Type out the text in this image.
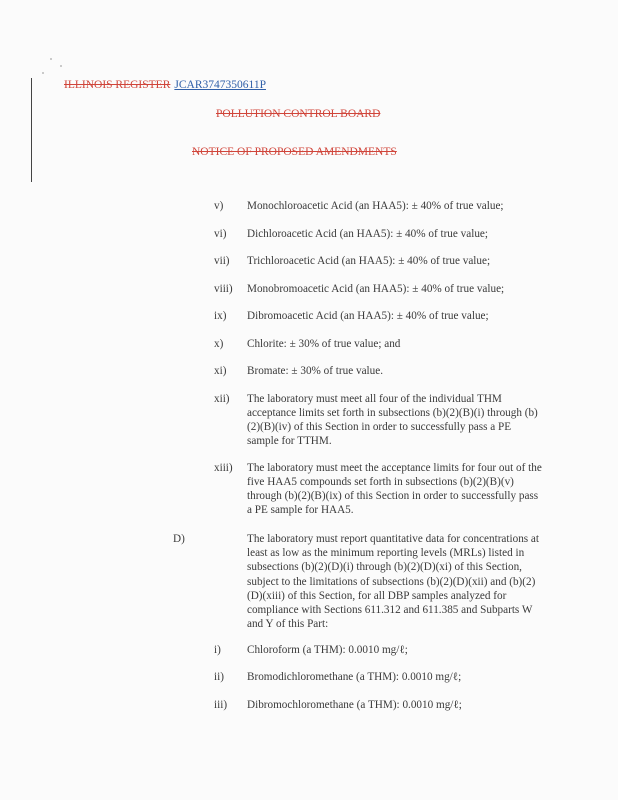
ILLINOIS REGISTER JCAR3747350611P
POLLUTION CONTROL BOARD
NOTICE OF PROPOSED AMENDMENTS
v) Monochloroacetic Acid (an HAA5): ± 40% of true value;
vi) Dichloroacetic Acid (an HAA5): ± 40% of true value;
vii) Trichloroacetic Acid (an HAA5): ± 40% of true value;
viii) Monobromoacetic Acid (an HAA5): ± 40% of true value;
ix) Dibromoacetic Acid (an HAA5): ± 40% of true value;
x) Chlorite: ± 30% of true value; and
xi) Bromate: ± 30% of true value.
xii) The laboratory must meet all four of the individual THM acceptance limits set forth in subsections (b)(2)(B)(i) through (b)(2)(B)(iv) of this Section in order to successfully pass a PE sample for TTHM.
xiii) The laboratory must meet the acceptance limits for four out of the five HAA5 compounds set forth in subsections (b)(2)(B)(v) through (b)(2)(B)(ix) of this Section in order to successfully pass a PE sample for HAA5.
D)	The laboratory must report quantitative data for concentrations at least as low as the minimum reporting levels (MRLs) listed in subsections (b)(2)(D)(i) through (b)(2)(D)(xi) of this Section, subject to the limitations of subsections (b)(2)(D)(xii) and (b)(2)(D)(xiii) of this Section, for all DBP samples analyzed for compliance with Sections 611.312 and 611.385 and Subparts W and Y of this Part:
i) Chloroform (a THM): 0.0010 mg/ℓ;
ii) Bromodichloromethane (a THM): 0.0010 mg/ℓ;
iii) Dibromochloromethane (a THM): 0.0010 mg/ℓ;
